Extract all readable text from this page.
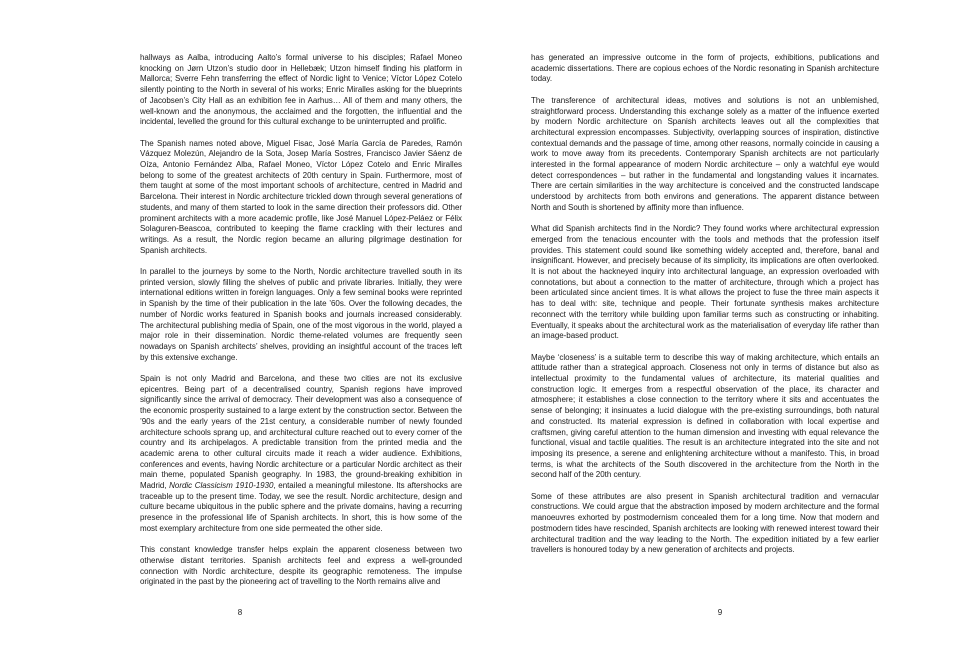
hallways as Aalba, introducing Aalto’s formal universe to his disciples; Rafael Moneo knocking on Jørn Utzon’s studio door in Hellebæk; Utzon himself finding his platform in Mallorca; Sverre Fehn transferring the effect of Nordic light to Venice; Víctor López Cotelo silently pointing to the North in several of his works; Enric Miralles asking for the blueprints of Jacobsen’s City Hall as an exhibition fee in Aarhus… All of them and many others, the well-known and the anonymous, the acclaimed and the forgotten, the influential and the incidental, levelled the ground for this cultural exchange to be uninterrupted and prolific.

The Spanish names noted above, Miguel Fisac, José María García de Paredes, Ramón Vázquez Molezún, Alejandro de la Sota, Josep María Sostres, Francisco Javier Sáenz de Oíza, Antonio Fernández Alba, Rafael Moneo, Víctor López Cotelo and Enric Miralles belong to some of the greatest architects of 20th century in Spain. Furthermore, most of them taught at some of the most important schools of architecture, centred in Madrid and Barcelona. Their interest in Nordic architecture trickled down through several generations of students, and many of them started to look in the same direction their professors did. Other prominent architects with a more academic profile, like José Manuel López-Peláez or Félix Solaguren-Beascoa, contributed to keeping the flame crackling with their lectures and writings. As a result, the Nordic region became an alluring pilgrimage destination for Spanish architects.

In parallel to the journeys by some to the North, Nordic architecture travelled south in its printed version, slowly filling the shelves of public and private libraries. Initially, they were international editions written in foreign languages. Only a few seminal books were reprinted in Spanish by the time of their publication in the late ’60s. Over the following decades, the number of Nordic works featured in Spanish books and journals increased considerably. The architectural publishing media of Spain, one of the most vigorous in the world, played a major role in their dissemination. Nordic theme-related volumes are frequently seen nowadays on Spanish architects’ shelves, providing an insightful account of the traces left by this extensive exchange.

Spain is not only Madrid and Barcelona, and these two cities are not its exclusive epicentres. Being part of a decentralised country, Spanish regions have improved significantly since the arrival of democracy. Their development was also a consequence of the economic prosperity sustained to a large extent by the construction sector. Between the ’90s and the early years of the 21st century, a considerable number of newly founded architecture schools sprang up, and architectural culture reached out to every corner of the country and its archipelagos. A predictable transition from the printed media and the academic arena to other cultural circuits made it reach a wider audience. Exhibitions, conferences and events, having Nordic architecture or a particular Nordic architect as their main theme, populated Spanish geography. In 1983, the ground-breaking exhibition in Madrid, Nordic Classicism 1910-1930, entailed a meaningful milestone. Its aftershocks are traceable up to the present time. Today, we see the result. Nordic architecture, design and culture became ubiquitous in the public sphere and the private domains, having a recurring presence in the professional life of Spanish architects. In short, this is how some of the most exemplary architecture from one side permeated the other side.

This constant knowledge transfer helps explain the apparent closeness between two otherwise distant territories. Spanish architects feel and express a well-grounded connection with Nordic architecture, despite its geographic remoteness. The impulse originated in the past by the pioneering act of travelling to the North remains alive and

has generated an impressive outcome in the form of projects, exhibitions, publications and academic dissertations. There are copious echoes of the Nordic resonating in Spanish architecture today.

The transference of architectural ideas, motives and solutions is not an unblemished, straightforward process. Understanding this exchange solely as a matter of the influence exerted by modern Nordic architecture on Spanish architects leaves out all the complexities that architectural expression encompasses. Subjectivity, overlapping sources of inspiration, distinctive contextual demands and the passage of time, among other reasons, normally coincide in causing a work to move away from its precedents. Contemporary Spanish architects are not particularly interested in the formal appearance of modern Nordic architecture – only a watchful eye would detect correspondences – but rather in the fundamental and longstanding values it incarnates. There are certain similarities in the way architecture is conceived and the constructed landscape understood by architects from both environs and generations. The apparent distance between North and South is shortened by affinity more than influence.

What did Spanish architects find in the Nordic? They found works where architectural expression emerged from the tenacious encounter with the tools and methods that the profession itself provides. This statement could sound like something widely accepted and, therefore, banal and insignificant. However, and precisely because of its simplicity, its implications are often overlooked. It is not about the hackneyed inquiry into architectural language, an expression overloaded with connotations, but about a connection to the matter of architecture, through which a project has been articulated since ancient times. It is what allows the project to fuse the three main aspects it has to deal with: site, technique and people. Their fortunate synthesis makes architecture reconnect with the territory while building upon familiar terms such as constructing or inhabiting. Eventually, it speaks about the architectural work as the materialisation of everyday life rather than an image-based product.

Maybe ‘closeness’ is a suitable term to describe this way of making architecture, which entails an attitude rather than a strategical approach. Closeness not only in terms of distance but also as intellectual proximity to the fundamental values of architecture, its material qualities and construction logic. It emerges from a respectful observation of the place, its character and atmosphere; it establishes a close connection to the territory where it sits and accentuates the sense of belonging; it insinuates a lucid dialogue with the pre-existing surroundings, both natural and constructed. Its material expression is defined in collaboration with local expertise and craftsmen, giving careful attention to the human dimension and investing with equal relevance the functional, visual and tactile qualities. The result is an architecture integrated into the site and not imposing its presence, a serene and enlightening architecture without a manifesto. This, in broad terms, is what the architects of the South discovered in the architecture from the North in the second half of the 20th century.

Some of these attributes are also present in Spanish architectural tradition and vernacular constructions. We could argue that the abstraction imposed by modern architecture and the formal manoeuvres exhorted by postmodernism concealed them for a long time. Now that modern and postmodern tides have rescinded, Spanish architects are looking with renewed interest toward their architectural tradition and the way leading to the North. The expedition initiated by a few earlier travellers is honoured today by a new generation of architects and projects.

8	9
